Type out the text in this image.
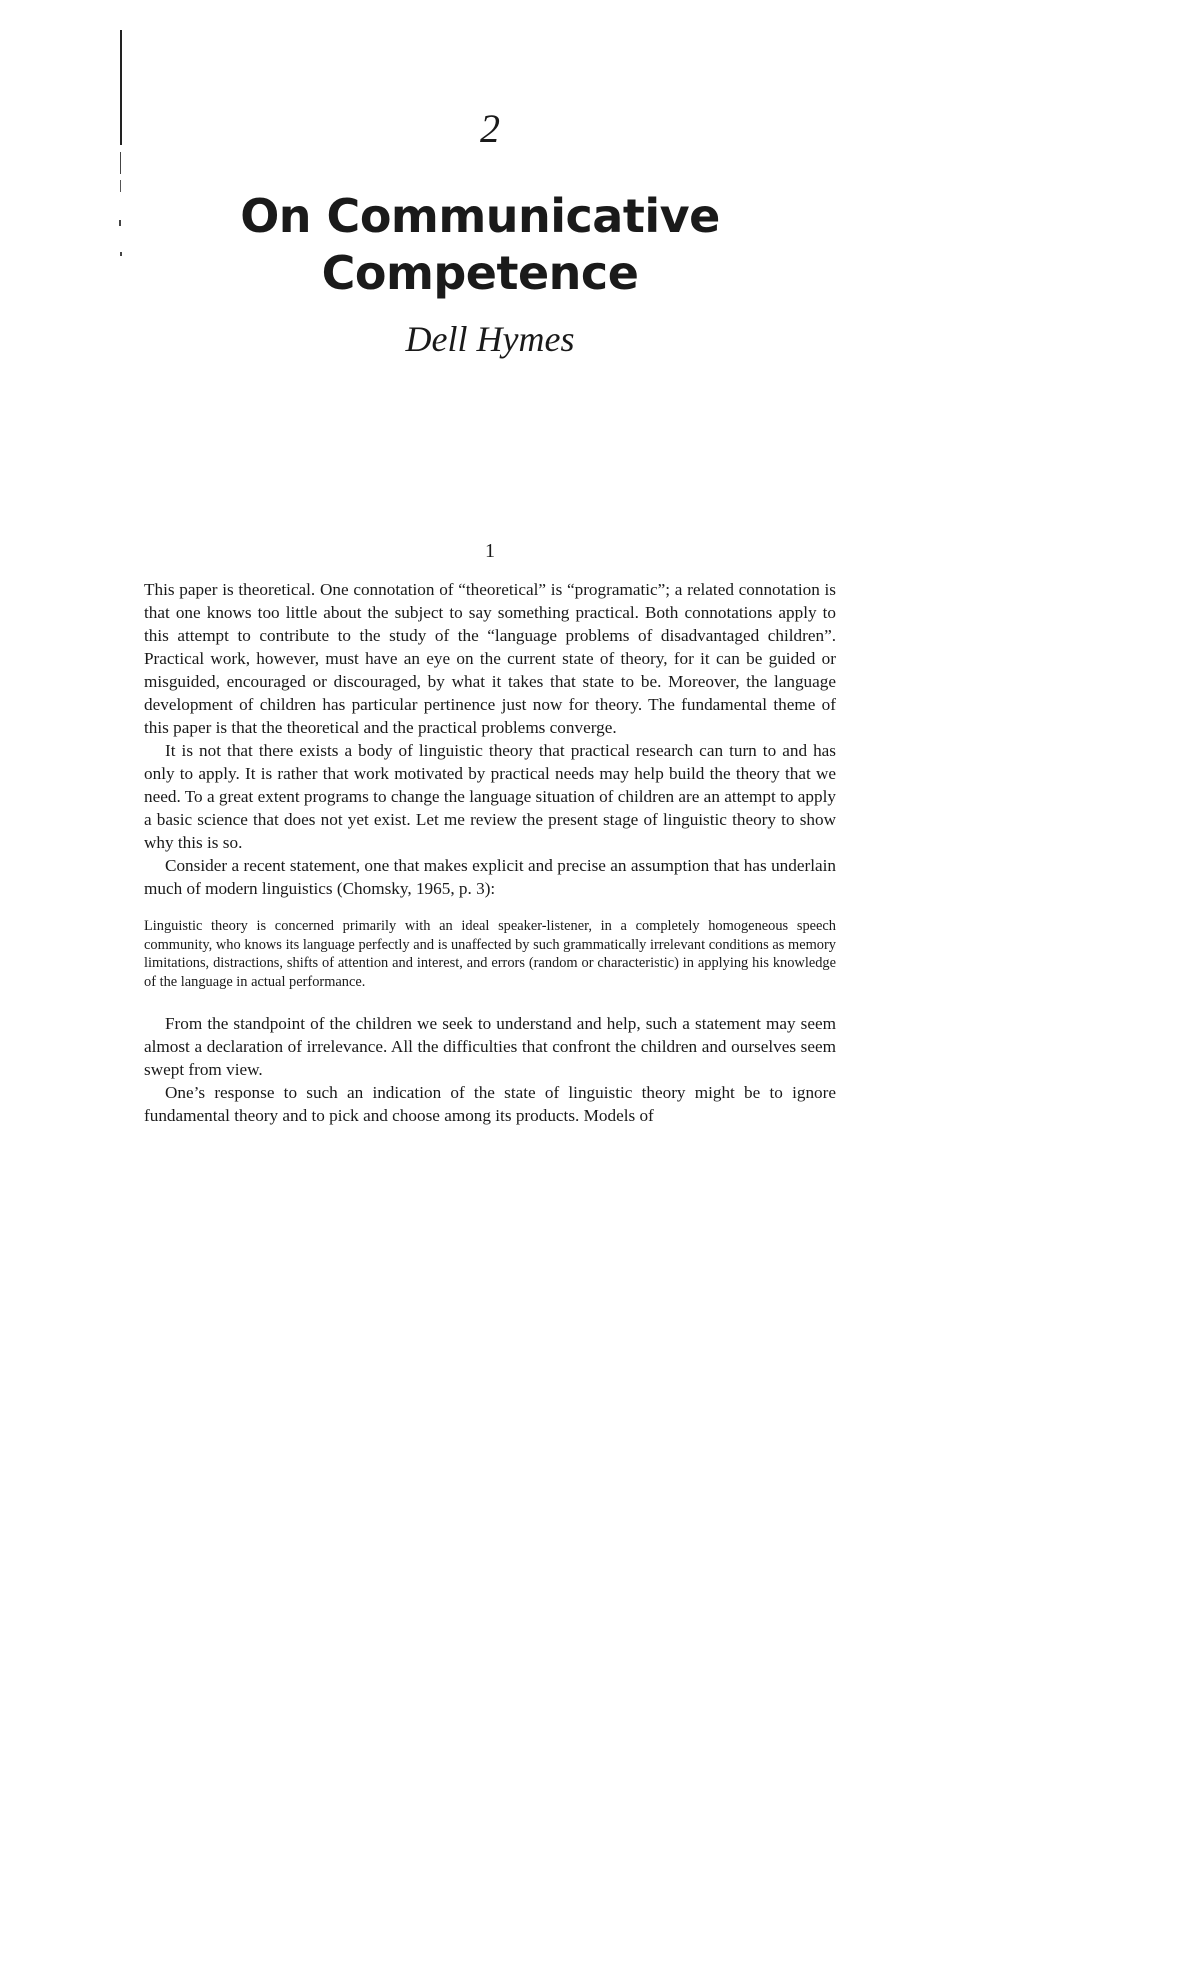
2
On Communicative Competence
Dell Hymes
1

This paper is theoretical. One connotation of “theoretical” is “programatic”; a related connotation is that one knows too little about the subject to say something practical. Both connotations apply to this attempt to contribute to the study of the “language problems of disadvantaged children”. Practical work, however, must have an eye on the current state of theory, for it can be guided or misguided, encouraged or discouraged, by what it takes that state to be. Moreover, the language development of children has particular pertinence just now for theory. The fundamental theme of this paper is that the theoretical and the practical problems converge.

It is not that there exists a body of linguistic theory that practical research can turn to and has only to apply. It is rather that work motivated by practical needs may help build the theory that we need. To a great extent programs to change the language situation of children are an attempt to apply a basic science that does not yet exist. Let me review the present stage of linguistic theory to show why this is so.

Consider a recent statement, one that makes explicit and precise an assumption that has underlain much of modern linguistics (Chomsky, 1965, p. 3):

Linguistic theory is concerned primarily with an ideal speaker-listener, in a completely homogeneous speech community, who knows its language perfectly and is unaffected by such grammatically irrelevant conditions as memory limitations, distractions, shifts of attention and interest, and errors (random or characteristic) in applying his knowledge of the language in actual performance.

From the standpoint of the children we seek to understand and help, such a statement may seem almost a declaration of irrelevance. All the difficulties that confront the children and ourselves seem swept from view.

One’s response to such an indication of the state of linguistic theory might be to ignore fundamental theory and to pick and choose among its products. Models of
